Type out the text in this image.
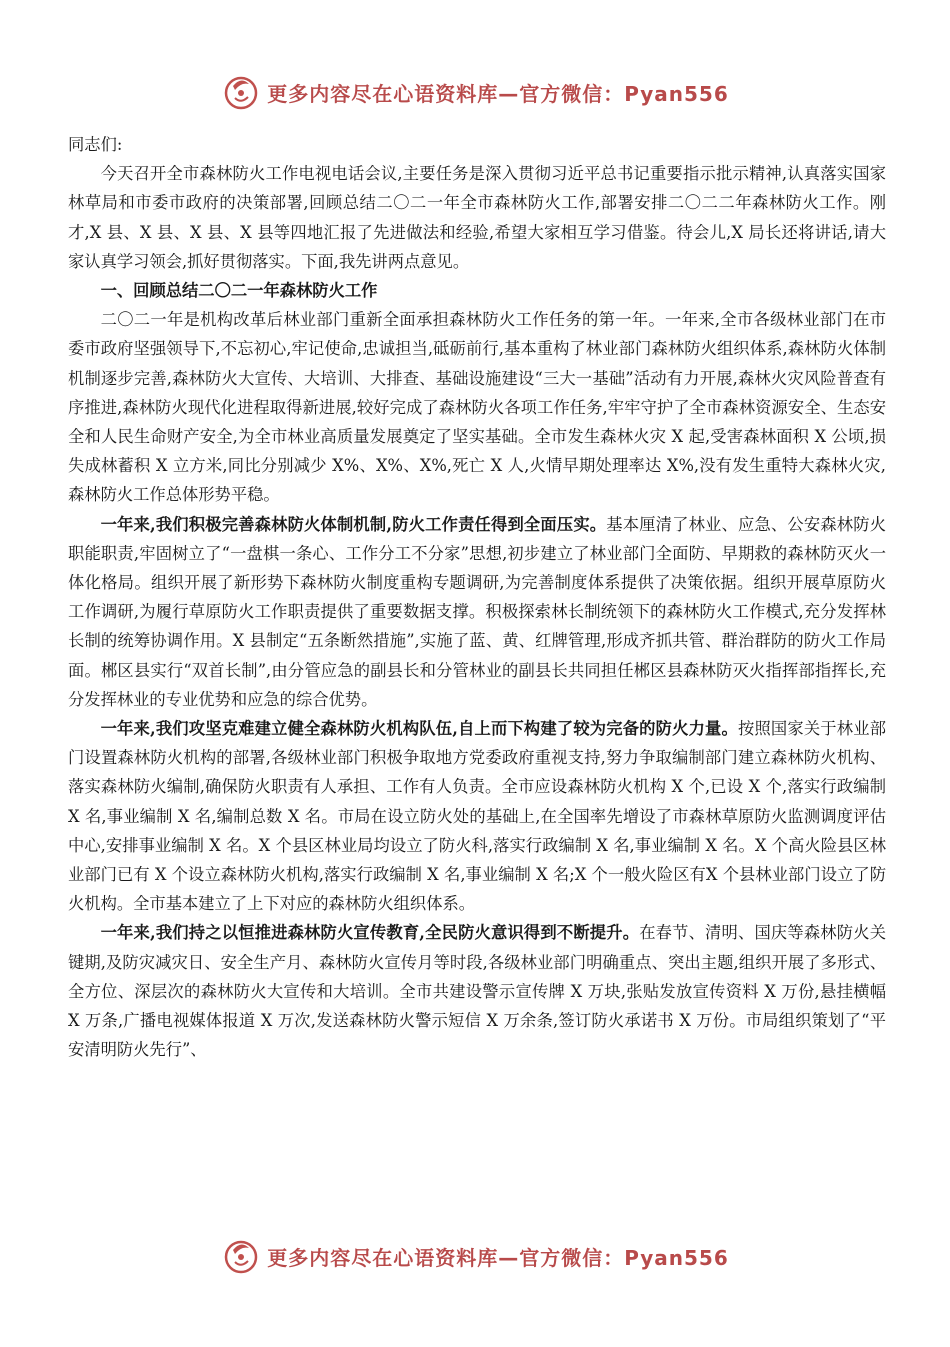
更多内容尽在心语资料库—官方微信：Pyan556

同志们:

今天召开全市森林防火工作电视电话会议,主要任务是深入贯彻习近平总书记重要指示批示精神,认真落实国家林草局和市委市政府的决策部署,回顾总结二〇二一年全市森林防火工作,部署安排二〇二二年森林防火工作。刚才,X 县、X 县、X 县、X 县等四地汇报了先进做法和经验,希望大家相互学习借鉴。待会儿,X 局长还将讲话,请大家认真学习领会,抓好贯彻落实。下面,我先讲两点意见。

一、回顾总结二〇二一年森林防火工作

二〇二一年是机构改革后林业部门重新全面承担森林防火工作任务的第一年。一年来,全市各级林业部门在市委市政府坚强领导下,不忘初心,牢记使命,忠诚担当,砥砺前行,基本重构了林业部门森林防火组织体系,森林防火体制机制逐步完善,森林防火大宣传、大培训、大排查、基础设施建设“三大一基础”活动有力开展,森林火灾风险普查有序推进,森林防火现代化进程取得新进展,较好完成了森林防火各项工作任务,牢牢守护了全市森林资源安全、生态安全和人民生命财产安全,为全市林业高质量发展奠定了坚实基础。全市发生森林火灾 X 起,受害森林面积 X 公顷,损失成林蓄积 X 立方米,同比分别减少 X%、X%、X%,死亡 X 人,火情早期处理率达 X%,没有发生重特大森林火灾,森林防火工作总体形势平稳。

一年来,我们积极完善森林防火体制机制,防火工作责任得到全面压实。基本厘清了林业、应急、公安森林防火职能职责,牢固树立了“一盘棋一条心、工作分工不分家”思想,初步建立了林业部门全面防、早期救的森林防灭火一体化格局。组织开展了新形势下森林防火制度重构专题调研,为完善制度体系提供了决策依据。组织开展草原防火工作调研,为履行草原防火工作职责提供了重要数据支撑。积极探索林长制统领下的森林防火工作模式,充分发挥林长制的统筹协调作用。X 县制定“五条断然措施”,实施了蓝、黄、红牌管理,形成齐抓共管、群治群防的防火工作局面。郴区县实行“双首长制”,由分管应急的副县长和分管林业的副县长共同担任郴区县森林防灭火指挥部指挥长,充分发挥林业的专业优势和应急的综合优势。

一年来,我们攻坚克难建立健全森林防火机构队伍,自上而下构建了较为完备的防火力量。按照国家关于林业部门设置森林防火机构的部署,各级林业部门积极争取地方党委政府重视支持,努力争取编制部门建立森林防火机构、落实森林防火编制,确保防火职责有人承担、工作有人负责。全市应设森林防火机构 X 个,已设 X 个,落实行政编制 X 名,事业编制 X 名,编制总数 X 名。市局在设立防火处的基础上,在全国率先增设了市森林草原防火监测调度评估中心,安排事业编制 X 名。X 个县区林业局均设立了防火科,落实行政编制 X 名,事业编制 X 名。X 个高火险县区林业部门已有 X 个设立森林防火机构,落实行政编制 X 名,事业编制 X 名;X 个一般火险区有X 个县林业部门设立了防火机构。全市基本建立了上下对应的森林防火组织体系。

一年来,我们持之以恒推进森林防火宣传教育,全民防火意识得到不断提升。在春节、清明、国庆等森林防火关键期,及防灾减灾日、安全生产月、森林防火宣传月等时段,各级林业部门明确重点、突出主题,组织开展了多形式、全方位、深层次的森林防火大宣传和大培训。全市共建设警示宣传牌 X 万块,张贴发放宣传资料 X 万份,悬挂横幅 X 万条,广播电视媒体报道 X 万次,发送森林防火警示短信 X 万余条,签订防火承诺书 X 万份。市局组织策划了“平安清明防火先行”、

更多内容尽在心语资料库—官方微信：Pyan556
